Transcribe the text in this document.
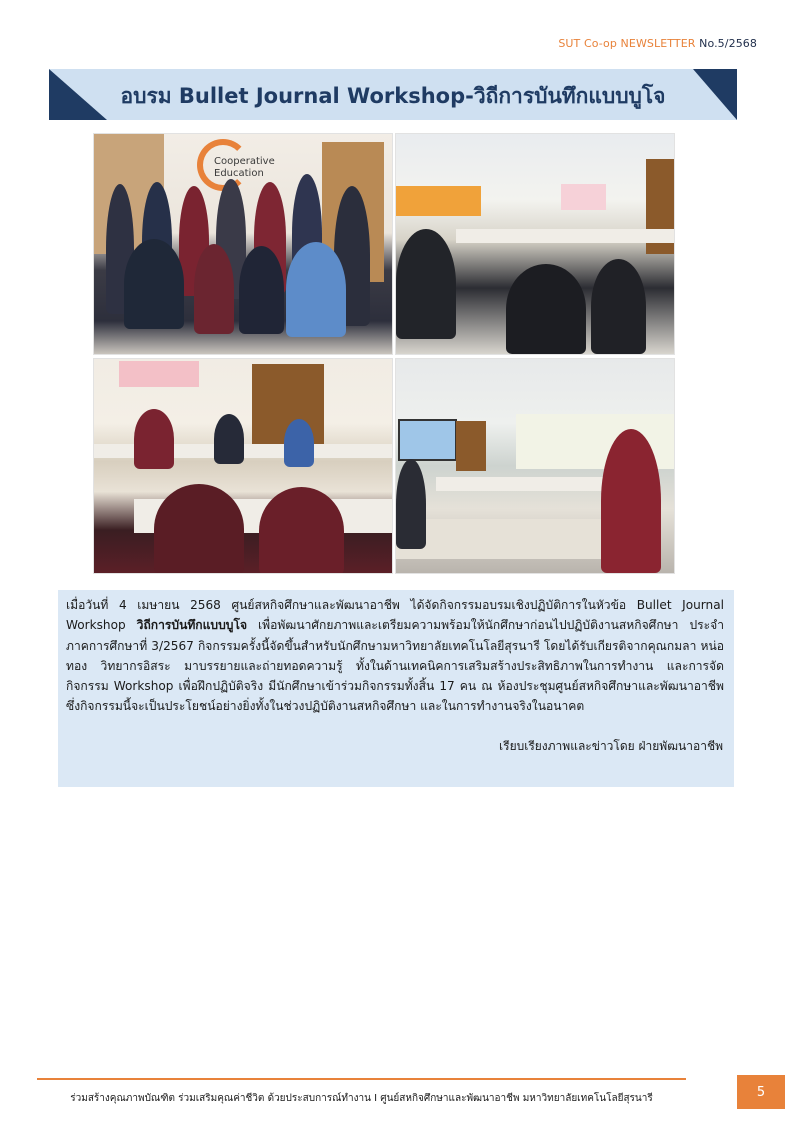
SUT Co-op NEWSLETTER No.5/2568
อบรม Bullet Journal Workshop-วิถีการบันทึกแบบบูโจ
Cooperative
Education
เมื่อวันที่ 4 เมษายน 2568 ศูนย์สหกิจศึกษาและพัฒนาอาชีพ ได้จัดกิจกรรมอบรมเชิงปฏิบัติการในหัวข้อ Bullet Journal Workshop วิถีการบันทึกแบบบูโจ เพื่อพัฒนาศักยภาพและเตรียมความพร้อมให้นักศึกษาก่อนไปปฏิบัติงานสหกิจศึกษา ประจำภาคการศึกษาที่ 3/2567 กิจกรรมครั้งนี้จัดขึ้นสำหรับนักศึกษามหาวิทยาลัยเทคโนโลยีสุรนารี โดยได้รับเกียรติจากคุณกมลา หน่อทอง วิทยากรอิสระ มาบรรยายและถ่ายทอดความรู้ ทั้งในด้านเทคนิคการเสริมสร้างประสิทธิภาพในการทำงาน และการจัดกิจกรรม Workshop เพื่อฝึกปฏิบัติจริง มีนักศึกษาเข้าร่วมกิจกรรมทั้งสิ้น 17 คน ณ ห้องประชุมศูนย์สหกิจศึกษาและพัฒนาอาชีพ ซึ่งกิจกรรมนี้จะเป็นประโยชน์อย่างยิ่งทั้งในช่วงปฏิบัติงานสหกิจศึกษา และในการทำงานจริงในอนาคต
เรียบเรียงภาพและข่าวโดย ฝ่ายพัฒนาอาชีพ
ร่วมสร้างคุณภาพบัณฑิต ร่วมเสริมคุณค่าชีวิต ด้วยประสบการณ์ทำงาน I ศูนย์สหกิจศึกษาและพัฒนาอาชีพ มหาวิทยาลัยเทคโนโลยีสุรนารี	5
